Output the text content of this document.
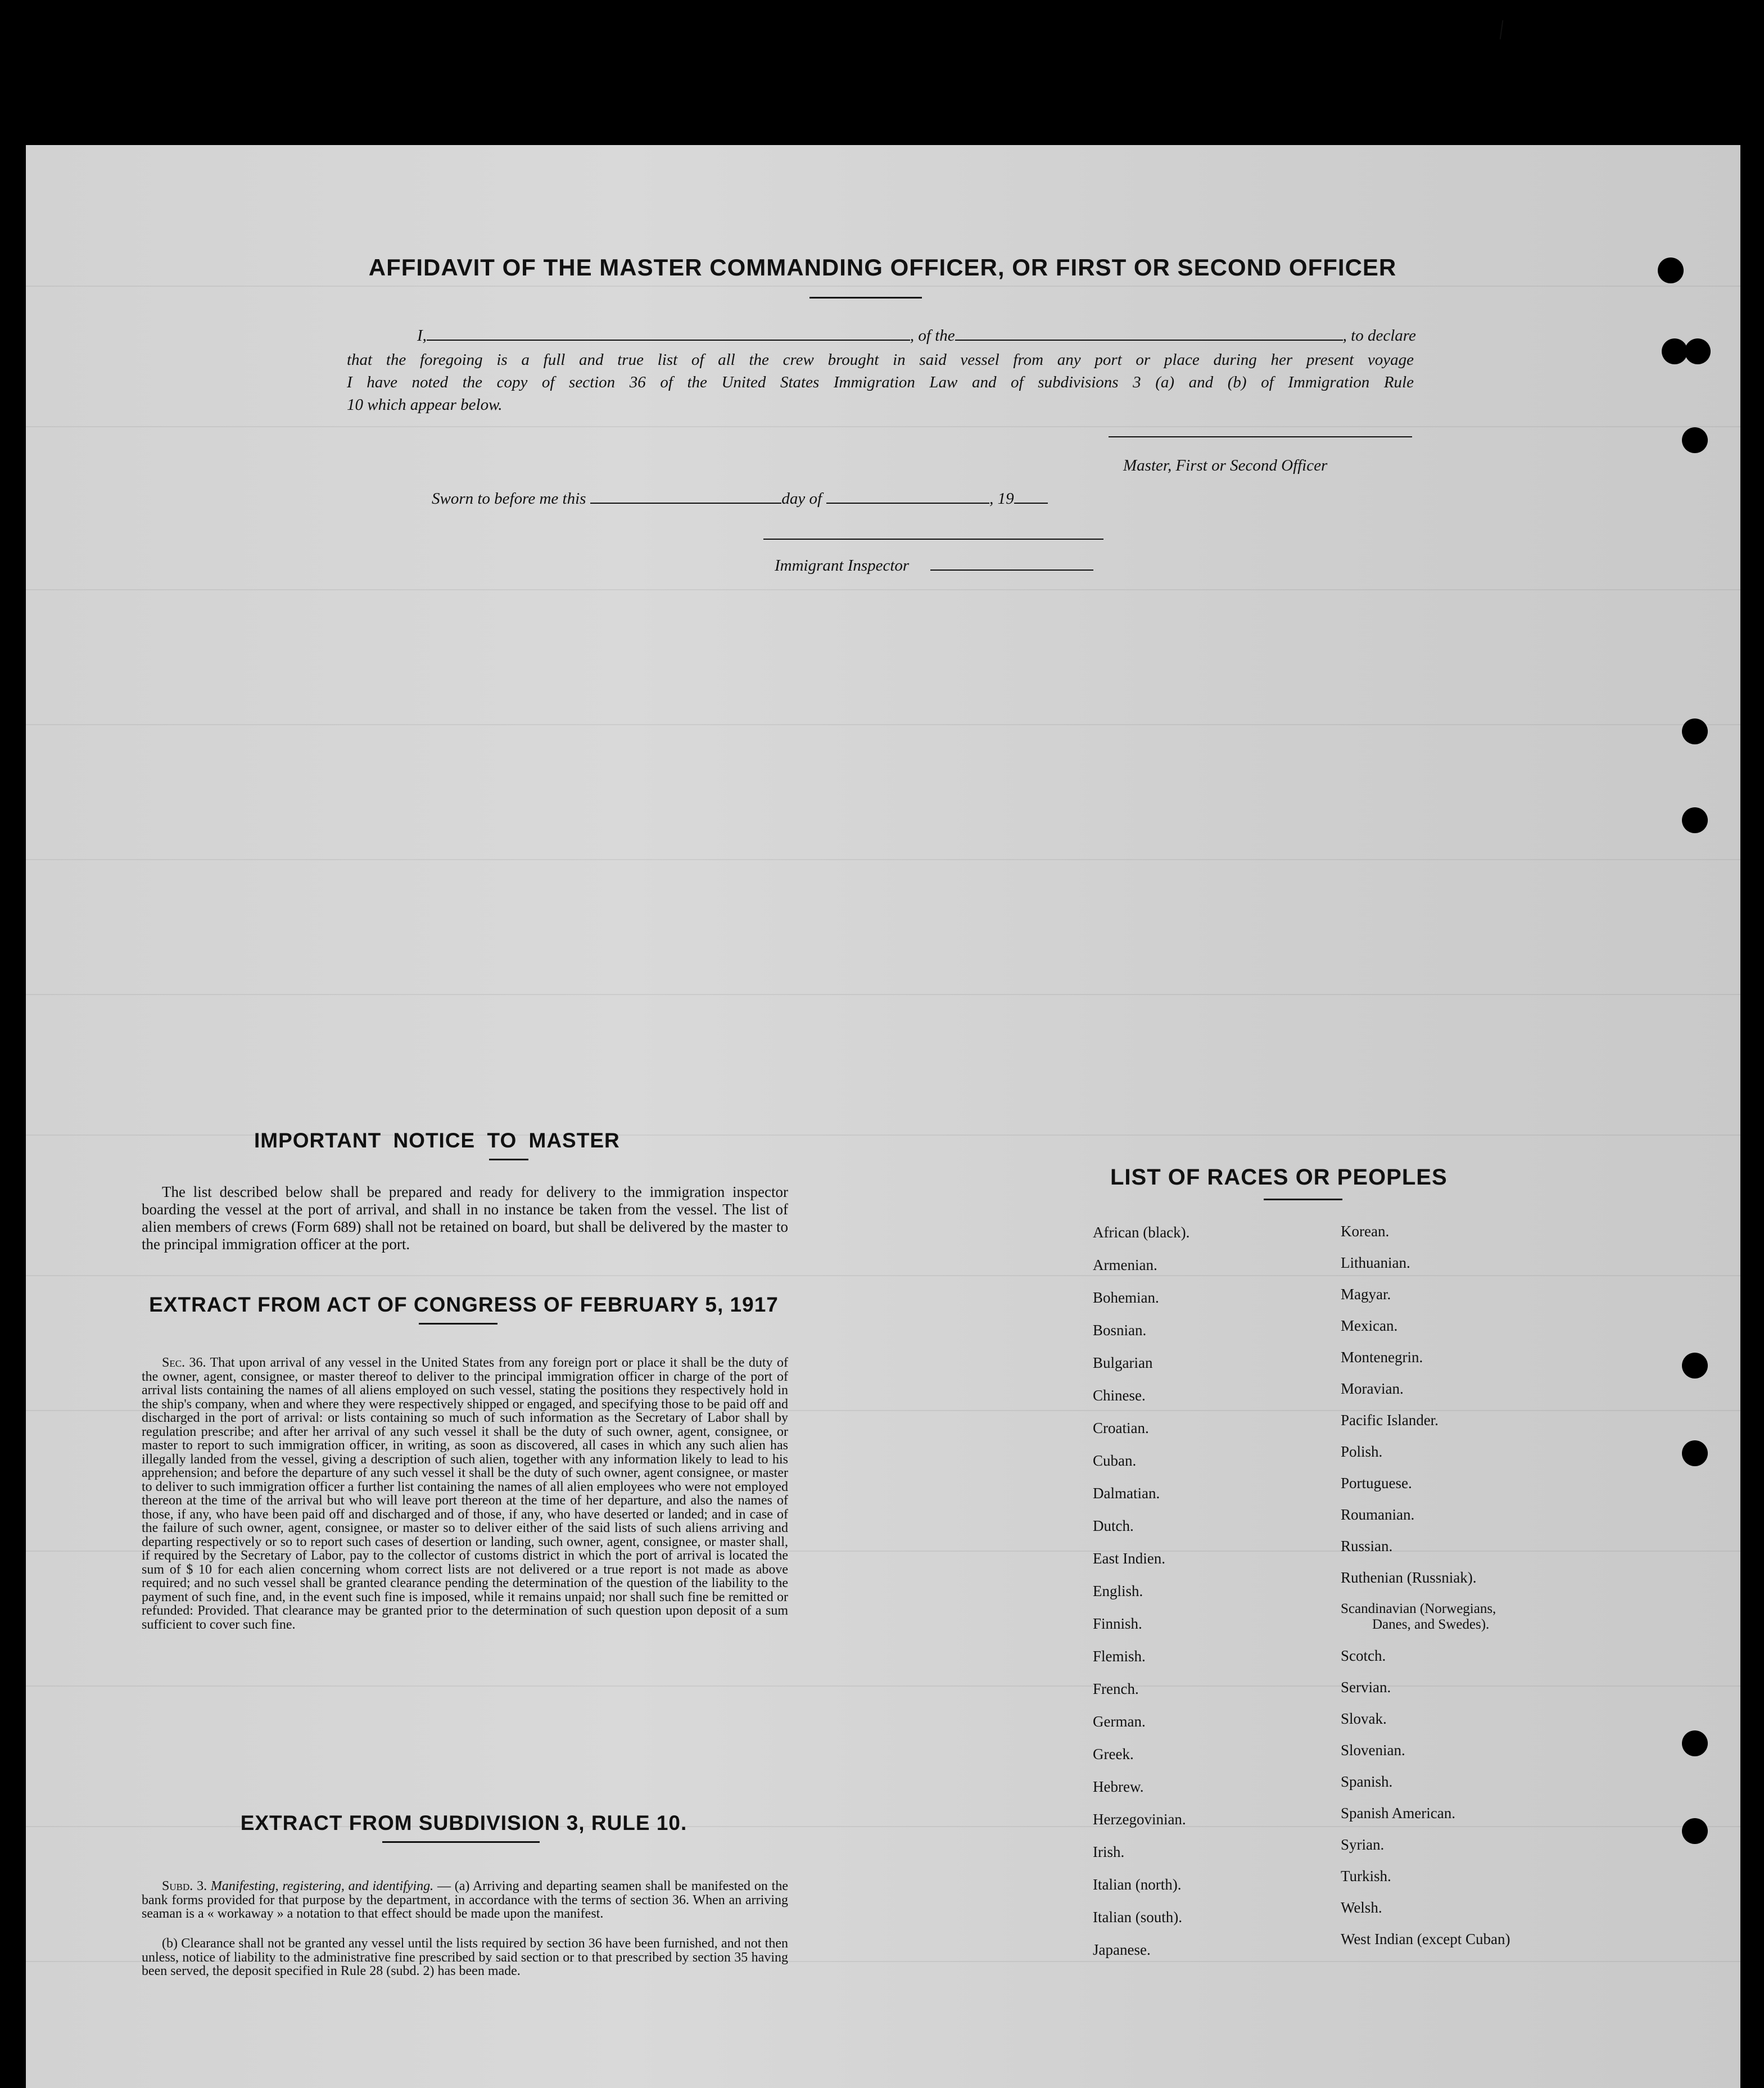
AFFIDAVIT OF THE MASTER COMMANDING OFFICER, OR FIRST OR SECOND OFFICER
I,	, of the	, to declare
that the foregoing is a full and true list of all the crew brought in said vessel from any port or place during her present voyage
I have noted the copy of section 36 of the United States Immigration Law and of subdivisions 3 (a) and (b) of Immigration Rule
10 which appear below.
Master, First or Second Officer
Sworn to before me this	day of	, 19
Immigrant Inspector
IMPORTANT NOTICE TO MASTER
The list described below shall be prepared and ready for delivery to the immigration inspector boarding the vessel at the port of arrival, and shall in no instance be taken from the vessel. The list of alien members of crews (Form 689) shall not be retained on board, but shall be delivered by the master to the principal immigration officer at the port.
EXTRACT FROM ACT OF CONGRESS OF FEBRUARY 5, 1917
Sec. 36. That upon arrival of any vessel in the United States from any foreign port or place it shall be the duty of the owner, agent, consignee, or master thereof to deliver to the principal immigration officer in charge of the port of arrival lists containing the names of all aliens employed on such vessel, stating the positions they respectively hold in the ship's company, when and where they were respectively shipped or engaged, and specifying those to be paid off and discharged in the port of arrival: or lists containing so much of such information as the Secretary of Labor shall by regulation prescribe; and after her arrival of any such vessel it shall be the duty of such owner, agent, consignee, or master to report to such immigration officer, in writing, as soon as discovered, all cases in which any such alien has illegally landed from the vessel, giving a description of such alien, together with any information likely to lead to his apprehension; and before the departure of any such vessel it shall be the duty of such owner, agent consignee, or master to deliver to such immigration officer a further list containing the names of all alien employees who were not employed thereon at the time of the arrival but who will leave port thereon at the time of her departure, and also the names of those, if any, who have been paid off and discharged and of those, if any, who have deserted or landed; and in case of the failure of such owner, agent, consignee, or master so to deliver either of the said lists of such aliens arriving and departing respectively or so to report such cases of desertion or landing, such owner, agent, consignee, or master shall, if required by the Secretary of Labor, pay to the collector of customs district in which the port of arrival is located the sum of $ 10 for each alien concerning whom correct lists are not delivered or a true report is not made as above required; and no such vessel shall be granted clearance pending the determination of the question of the liability to the payment of such fine, and, in the event such fine is imposed, while it remains unpaid; nor shall such fine be remitted or refunded: Provided. That clearance may be granted prior to the determination of such question upon deposit of a sum sufficient to cover such fine.
EXTRACT FROM SUBDIVISION 3, RULE 10.
Subd. 3. Manifesting, registering, and identifying. — (a) Arriving and departing seamen shall be manifested on the bank forms provided for that purpose by the department, in accordance with the terms of section 36. When an arriving seaman is a « workaway » a notation to that effect should be made upon the manifest.
(b) Clearance shall not be granted any vessel until the lists required by section 36 have been furnished, and not then unless, notice of liability to the administrative fine prescribed by said section or to that prescribed by section 35 having been served, the deposit specified in Rule 28 (subd. 2) has been made.
LIST OF RACES OR PEOPLES
African (black).
Armenian.
Bohemian.
Bosnian.
Bulgarian
Chinese.
Croatian.
Cuban.
Dalmatian.
Dutch.
East Indien.
English.
Finnish.
Flemish.
French.
German.
Greek.
Hebrew.
Herzegovinian.
Irish.
Italian (north).
Italian (south).
Japanese.
Korean.
Lithuanian.
Magyar.
Mexican.
Montenegrin.
Moravian.
Pacific Islander.
Polish.
Portuguese.
Roumanian.
Russian.
Ruthenian (Russniak).
Scandinavian (Norwegians,
Danes, and Swedes).
Scotch.
Servian.
Slovak.
Slovenian.
Spanish.
Spanish American.
Syrian.
Turkish.
Welsh.
West Indian (except Cuban)
